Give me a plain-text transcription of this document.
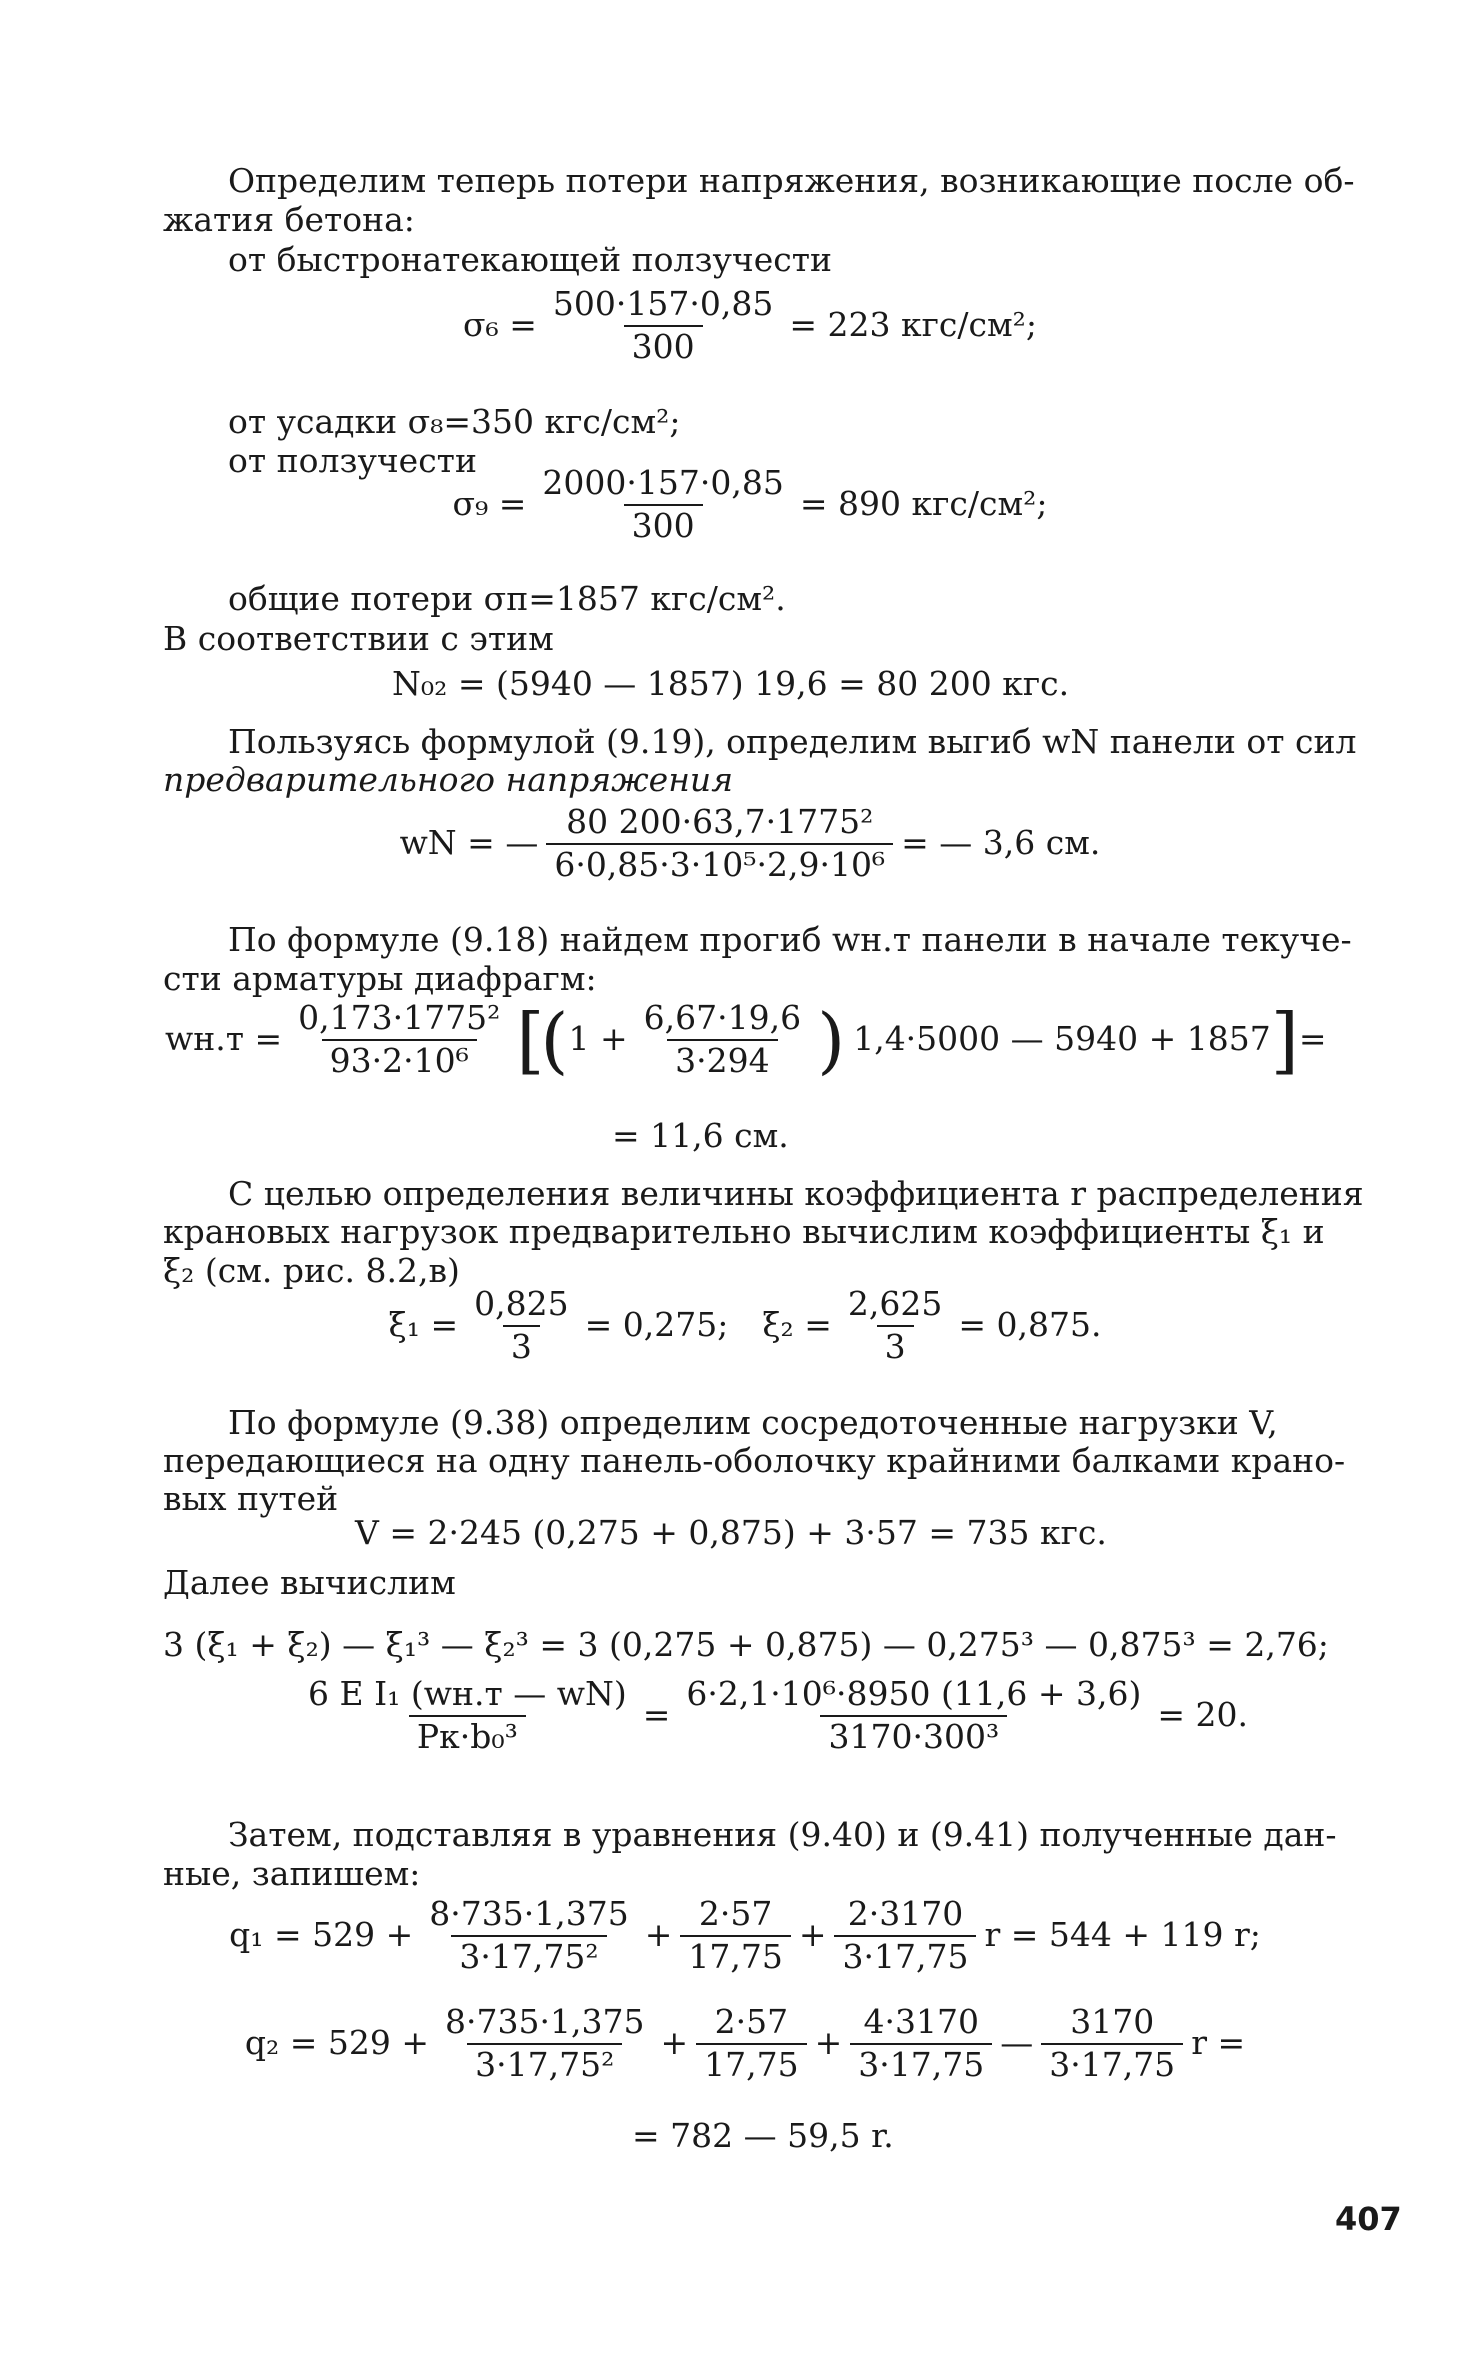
Определим теперь потери напряжения, возникающие после об-
жатия бетона:
от быстронатекающей ползучести
$\sigma_6 = \frac{500\cdot 157\cdot 0,85}{300} = 223$ кгс/см²;
от усадки σ₈=350 кгс/см²;
от ползучести
$\sigma_9 = \frac{2000\cdot 157\cdot 0,85}{300} = 890$ кгс/см²;
общие потери σп=1857 кгс/см².
В соответствии с этим
N₀₂ = (5940 — 1857) 19,6 = 80 200 кгс.
Пользуясь формулой (9.19), определим выгиб wN панели от сил
предварительного напряжения
wN = — $\frac{\text{80 200·63,7·1775²}}{\text{6·0,85·3·10⁵·2,9·10⁶}}$ = — 3,6 см.
По формуле (9.18) найдем прогиб wн.т панели в начале текуче-
сти арматуры диафрагм:
$wн.т = \frac{\text{0,173·1775²}}{\text{93·2·10⁶}}$ [
( $1 + \frac{6,67\cdot 19,6}{3\cdot 294}$ ) 1,4·5000 — 5940 + 1857 ] =
= 11,6 см.
С целью определения величины коэффициента r распределения
крановых нагрузок предварительно вычислим коэффициенты ξ₁ и
ξ₂ (см. рис. 8.2,в)
$\xi_1 = \frac{0,825}{3} = 0,275$; $\xi_2 = \frac{2,625}{3} = 0,875$.
По формуле (9.38) определим сосредоточенные нагрузки V,
передающиеся на одну панель-оболочку крайними балками крано-
вых путей
V = 2·245 (0,275 + 0,875) + 3·57 = 735 кгс.
Далее вычислим
3 (ξ₁ + ξ₂) — ξ₁³ — ξ₂³ = 3 (0,275 + 0,875) — 0,275³ — 0,875³ = 2,76;
$\frac{\text{6 E I₁ (wн.т — wN)}}{\text{Pк·b₀³}} = \frac{\text{6·2,1·10⁶·8950 (11,6 + 3,6)}}{\text{3170·300³}} = 20$.
Затем, подставляя в уравнения (9.40) и (9.41) полученные дан-
ные, запишем:
$q_1 = 529 + \frac{8\cdot 735\cdot 1,375}{\text{3·17,75²}} + \frac{2\cdot 57}{17,75} + \frac{2\cdot 3170}{3\cdot 17,75}$ r = 544 + 119 r;
$q_2 = 529 + \frac{8\cdot 735\cdot 1,375}{\text{3·17,75²}} + \frac{2\cdot 57}{17,75} + \frac{4\cdot 3170}{3\cdot 17,75}$ — $\frac{3170}{3\cdot 17,75}$ r =
= 782 — 59,5 r.
407
